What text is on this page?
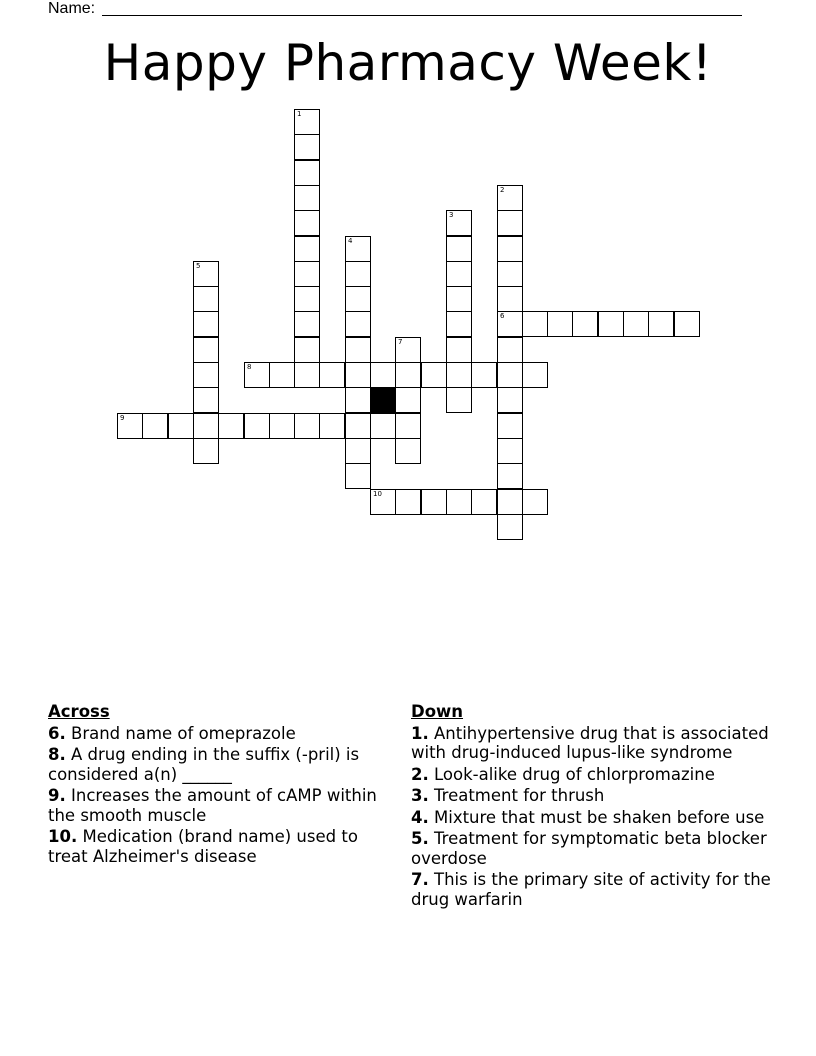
Name:
Happy Pharmacy Week!
1
2
6
3
4
5
7
8
9
10
Across
6. Brand name of omeprazole
8. A drug ending in the suffix (-pril) is considered a(n) ______
9. Increases the amount of cAMP within the smooth muscle
10. Medication (brand name) used to treat Alzheimer's disease
Down
1. Antihypertensive drug that is associated with drug-induced lupus-like syndrome
2. Look-alike drug of chlorpromazine
3. Treatment for thrush
4. Mixture that must be shaken before use
5. Treatment for symptomatic beta blocker overdose
7. This is the primary site of activity for the drug warfarin
